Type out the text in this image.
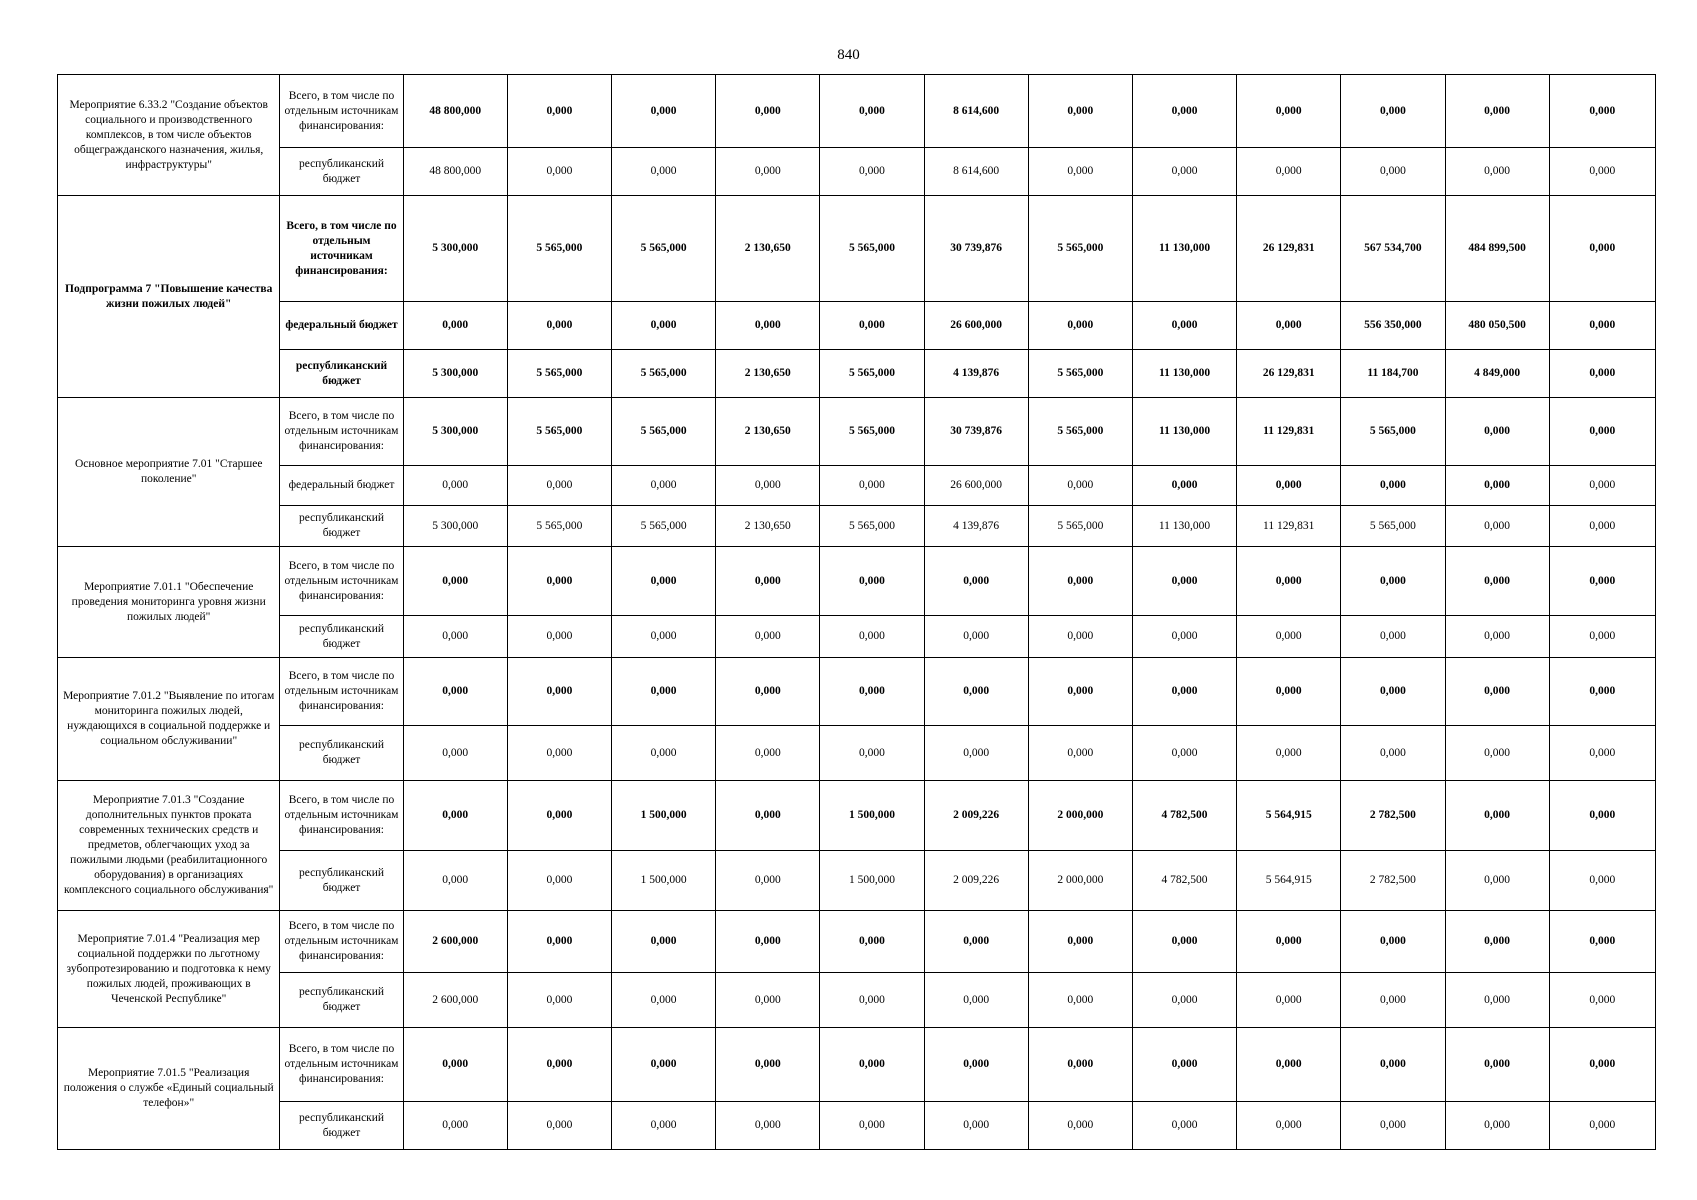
840
Мероприятие 6.33.2 "Создание объектов социального и производственного комплексов, в том числе объектов общегражданского назначения, жилья, инфраструктуры"	Всего, в том числе по отдельным источникам финансирования:	48 800,000	0,000	0,000	0,000	0,000	8 614,600	0,000	0,000	0,000	0,000	0,000	0,000
	республиканский бюджет	48 800,000	0,000	0,000	0,000	0,000	8 614,600	0,000	0,000	0,000	0,000	0,000	0,000
Подпрограмма 7 "Повышение качества жизни пожилых людей"	Всего, в том числе по отдельным источникам финансирования:	5 300,000	5 565,000	5 565,000	2 130,650	5 565,000	30 739,876	5 565,000	11 130,000	26 129,831	567 534,700	484 899,500	0,000
	федеральный бюджет	0,000	0,000	0,000	0,000	0,000	26 600,000	0,000	0,000	0,000	556 350,000	480 050,500	0,000
	республиканский бюджет	5 300,000	5 565,000	5 565,000	2 130,650	5 565,000	4 139,876	5 565,000	11 130,000	26 129,831	11 184,700	4 849,000	0,000
Основное мероприятие 7.01 "Старшее поколение"	Всего, в том числе по отдельным источникам финансирования:	5 300,000	5 565,000	5 565,000	2 130,650	5 565,000	30 739,876	5 565,000	11 130,000	11 129,831	5 565,000	0,000	0,000
	федеральный бюджет	0,000	0,000	0,000	0,000	0,000	26 600,000	0,000	0,000	0,000	0,000	0,000	0,000
	республиканский бюджет	5 300,000	5 565,000	5 565,000	2 130,650	5 565,000	4 139,876	5 565,000	11 130,000	11 129,831	5 565,000	0,000	0,000
Мероприятие 7.01.1 "Обеспечение проведения мониторинга уровня жизни пожилых людей"	Всего, в том числе по отдельным источникам финансирования:	0,000	0,000	0,000	0,000	0,000	0,000	0,000	0,000	0,000	0,000	0,000	0,000
	республиканский бюджет	0,000	0,000	0,000	0,000	0,000	0,000	0,000	0,000	0,000	0,000	0,000	0,000
Мероприятие 7.01.2 "Выявление по итогам мониторинга пожилых людей, нуждающихся в социальной поддержке и социальном обслуживании"	Всего, в том числе по отдельным источникам финансирования:	0,000	0,000	0,000	0,000	0,000	0,000	0,000	0,000	0,000	0,000	0,000	0,000
	республиканский бюджет	0,000	0,000	0,000	0,000	0,000	0,000	0,000	0,000	0,000	0,000	0,000	0,000
Мероприятие 7.01.3 "Создание дополнительных пунктов проката современных технических средств и предметов, облегчающих уход за пожилыми людьми (реабилитационного оборудования) в организациях комплексного социального обслуживания"	Всего, в том числе по отдельным источникам финансирования:	0,000	0,000	1 500,000	0,000	1 500,000	2 009,226	2 000,000	4 782,500	5 564,915	2 782,500	0,000	0,000
	республиканский бюджет	0,000	0,000	1 500,000	0,000	1 500,000	2 009,226	2 000,000	4 782,500	5 564,915	2 782,500	0,000	0,000
Мероприятие 7.01.4 "Реализация мер социальной поддержки по льготному зубопротезированию и подготовка к нему пожилых людей, проживающих в Чеченской Республике"	Всего, в том числе по отдельным источникам финансирования:	2 600,000	0,000	0,000	0,000	0,000	0,000	0,000	0,000	0,000	0,000	0,000	0,000
	республиканский бюджет	2 600,000	0,000	0,000	0,000	0,000	0,000	0,000	0,000	0,000	0,000	0,000	0,000
Мероприятие 7.01.5 "Реализация положения о службе «Единый социальный телефон»"	Всего, в том числе по отдельным источникам финансирования:	0,000	0,000	0,000	0,000	0,000	0,000	0,000	0,000	0,000	0,000	0,000	0,000
	республиканский бюджет	0,000	0,000	0,000	0,000	0,000	0,000	0,000	0,000	0,000	0,000	0,000	0,000
